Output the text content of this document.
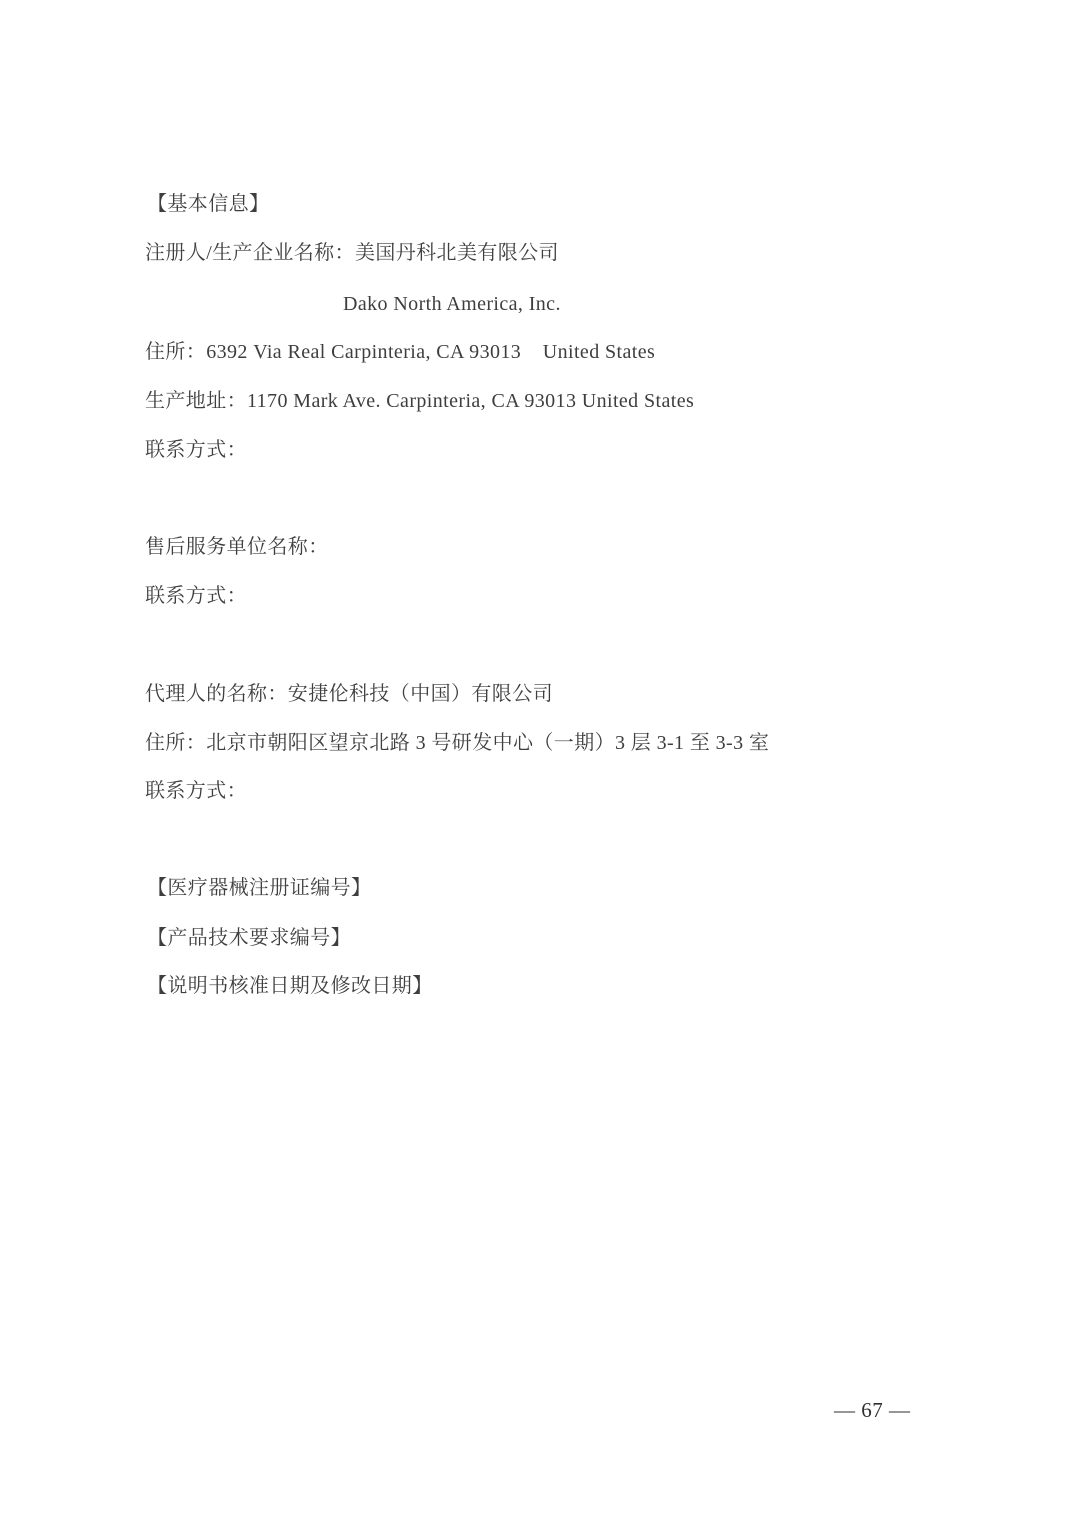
【基本信息】
注册人/生产企业名称：美国丹科北美有限公司
Dako North America, Inc.
住所：6392 Via Real Carpinteria, CA 93013    United States
生产地址：1170 Mark Ave. Carpinteria, CA 93013 United States
联系方式：
售后服务单位名称：
联系方式：
代理人的名称：安捷伦科技（中国）有限公司
住所：北京市朝阳区望京北路 3 号研发中心（一期）3 层 3-1 至 3-3 室
联系方式：
【医疗器械注册证编号】
【产品技术要求编号】
【说明书核准日期及修改日期】
— 67 —
